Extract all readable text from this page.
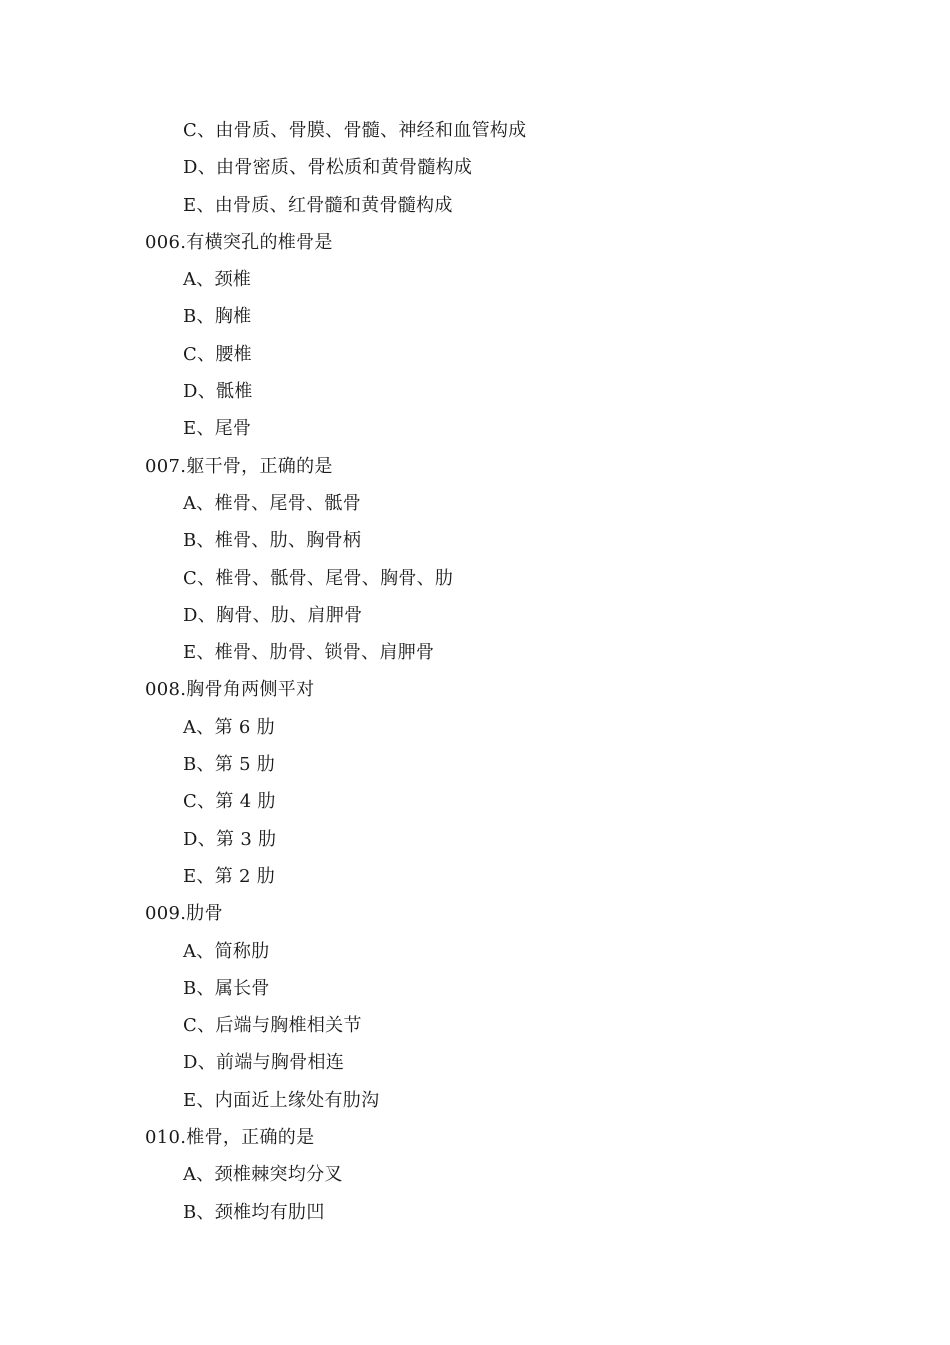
C、由骨质、骨膜、骨髓、神经和血管构成
D、由骨密质、骨松质和黄骨髓构成
E、由骨质、红骨髓和黄骨髓构成
006.有横突孔的椎骨是
A、颈椎
B、胸椎
C、腰椎
D、骶椎
E、尾骨
007.躯干骨，正确的是
A、椎骨、尾骨、骶骨
B、椎骨、肋、胸骨柄
C、椎骨、骶骨、尾骨、胸骨、肋
D、胸骨、肋、肩胛骨
E、椎骨、肋骨、锁骨、肩胛骨
008.胸骨角两侧平对
A、第 6 肋
B、第 5 肋
C、第 4 肋
D、第 3 肋
E、第 2 肋
009.肋骨
A、简称肋
B、属长骨
C、后端与胸椎相关节
D、前端与胸骨相连
E、内面近上缘处有肋沟
010.椎骨，正确的是
A、颈椎棘突均分叉
B、颈椎均有肋凹
